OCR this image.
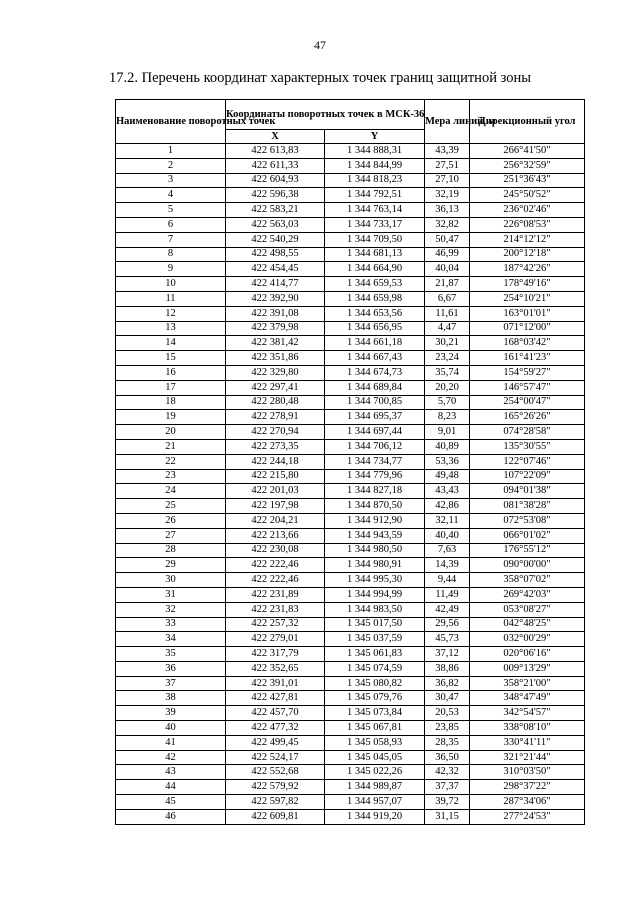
47
17.2. Перечень координат характерных точек границ защитной зоны
Наименование поворотных точек	Координаты поворотных точек в МСК-36		Мера линий, м	Дирекционный угол
	X	Y		
1	422 613,83	1 344 888,31	43,39	266°41'50"
2	422 611,33	1 344 844,99	27,51	256°32'59"
3	422 604,93	1 344 818,23	27,10	251°36'43"
4	422 596,38	1 344 792,51	32,19	245°50'52"
5	422 583,21	1 344 763,14	36,13	236°02'46"
6	422 563,03	1 344 733,17	32,82	226°08'53"
7	422 540,29	1 344 709,50	50,47	214°12'12"
8	422 498,55	1 344 681,13	46,99	200°12'18"
9	422 454,45	1 344 664,90	40,04	187°42'26"
10	422 414,77	1 344 659,53	21,87	178°49'16"
11	422 392,90	1 344 659,98	6,67	254°10'21"
12	422 391,08	1 344 653,56	11,61	163°01'01"
13	422 379,98	1 344 656,95	4,47	071°12'00"
14	422 381,42	1 344 661,18	30,21	168°03'42"
15	422 351,86	1 344 667,43	23,24	161°41'23"
16	422 329,80	1 344 674,73	35,74	154°59'27"
17	422 297,41	1 344 689,84	20,20	146°57'47"
18	422 280,48	1 344 700,85	5,70	254°00'47"
19	422 278,91	1 344 695,37	8,23	165°26'26"
20	422 270,94	1 344 697,44	9,01	074°28'58"
21	422 273,35	1 344 706,12	40,89	135°30'55"
22	422 244,18	1 344 734,77	53,36	122°07'46"
23	422 215,80	1 344 779,96	49,48	107°22'09"
24	422 201,03	1 344 827,18	43,43	094°01'38"
25	422 197,98	1 344 870,50	42,86	081°38'28"
26	422 204,21	1 344 912,90	32,11	072°53'08"
27	422 213,66	1 344 943,59	40,40	066°01'02"
28	422 230,08	1 344 980,50	7,63	176°55'12"
29	422 222,46	1 344 980,91	14,39	090°00'00"
30	422 222,46	1 344 995,30	9,44	358°07'02"
31	422 231,89	1 344 994,99	11,49	269°42'03"
32	422 231,83	1 344 983,50	42,49	053°08'27"
33	422 257,32	1 345 017,50	29,56	042°48'25"
34	422 279,01	1 345 037,59	45,73	032°00'29"
35	422 317,79	1 345 061,83	37,12	020°06'16"
36	422 352,65	1 345 074,59	38,86	009°13'29"
37	422 391,01	1 345 080,82	36,82	358°21'00"
38	422 427,81	1 345 079,76	30,47	348°47'49"
39	422 457,70	1 345 073,84	20,53	342°54'57"
40	422 477,32	1 345 067,81	23,85	338°08'10"
41	422 499,45	1 345 058,93	28,35	330°41'11"
42	422 524,17	1 345 045,05	36,50	321°21'44"
43	422 552,68	1 345 022,26	42,32	310°03'50"
44	422 579,92	1 344 989,87	37,37	298°37'22"
45	422 597,82	1 344 957,07	39,72	287°34'06"
46	422 609,81	1 344 919,20	31,15	277°24'53"
